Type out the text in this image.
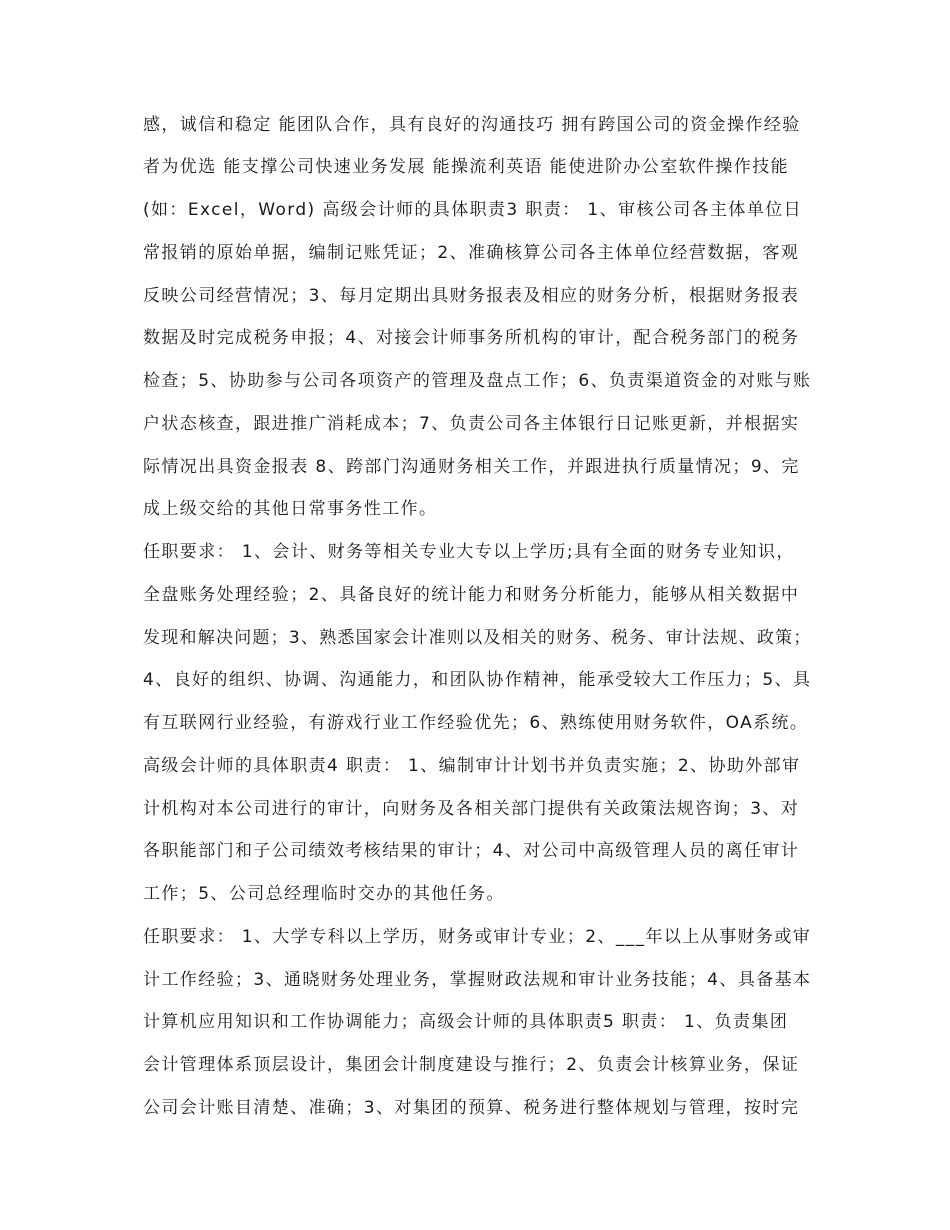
感，诚信和稳定 能团队合作，具有良好的沟通技巧 拥有跨国公司的资金操作经验
者为优选 能支撑公司快速业务发展 能操流利英语 能使进阶办公室软件操作技能
(如：Excel，Word) 高级会计师的具体职责3 职责： 1、审核公司各主体单位日
常报销的原始单据，编制记账凭证；2、准确核算公司各主体单位经营数据，客观
反映公司经营情况；3、每月定期出具财务报表及相应的财务分析，根据财务报表
数据及时完成税务申报；4、对接会计师事务所机构的审计，配合税务部门的税务
检查；5、协助参与公司各项资产的管理及盘点工作；6、负责渠道资金的对账与账
户状态核查，跟进推广消耗成本；7、负责公司各主体银行日记账更新，并根据实
际情况出具资金报表 8、跨部门沟通财务相关工作，并跟进执行质量情况；9、完
成上级交给的其他日常事务性工作。
任职要求： 1、会计、财务等相关专业大专以上学历;具有全面的财务专业知识，
全盘账务处理经验；2、具备良好的统计能力和财务分析能力，能够从相关数据中
发现和解决问题；3、熟悉国家会计准则以及相关的财务、税务、审计法规、政策；
4、良好的组织、协调、沟通能力，和团队协作精神，能承受较大工作压力；5、具
有互联网行业经验，有游戏行业工作经验优先；6、熟练使用财务软件，OA系统。
高级会计师的具体职责4 职责： 1、编制审计计划书并负责实施；2、协助外部审
计机构对本公司进行的审计，向财务及各相关部门提供有关政策法规咨询；3、对
各职能部门和子公司绩效考核结果的审计；4、对公司中高级管理人员的离任审计
工作；5、公司总经理临时交办的其他任务。
任职要求： 1、大学专科以上学历，财务或审计专业；2、___年以上从事财务或审
计工作经验；3、通晓财务处理业务，掌握财政法规和审计业务技能；4、具备基本
计算机应用知识和工作协调能力；高级会计师的具体职责5 职责： 1、负责集团
会计管理体系顶层设计，集团会计制度建设与推行；2、负责会计核算业务，保证
公司会计账目清楚、准确；3、对集团的预算、税务进行整体规划与管理，按时完
